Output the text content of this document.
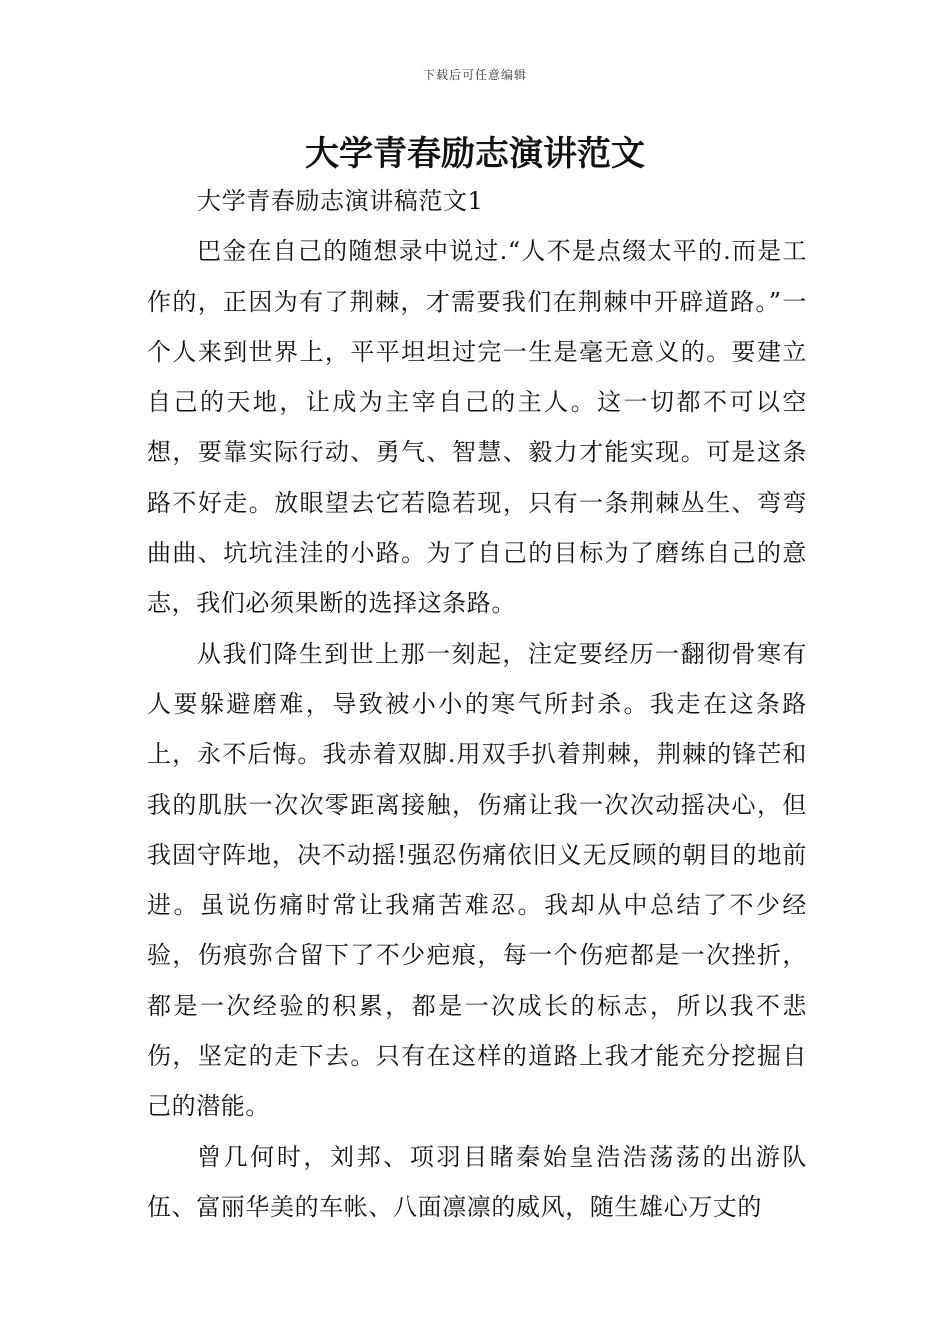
下载后可任意编辑
大学青春励志演讲范文

大学青春励志演讲稿范文1

巴金在自己的随想录中说过.“人不是点缀太平的.而是工作的，正因为有了荆棘，才需要我们在荆棘中开辟道路。”一个人来到世界上，平平坦坦过完一生是毫无意义的。要建立自己的天地，让成为主宰自己的主人。这一切都不可以空想，要靠实际行动、勇气、智慧、毅力才能实现。可是这条路不好走。放眼望去它若隐若现，只有一条荆棘丛生、弯弯曲曲、坑坑洼洼的小路。为了自己的目标为了磨练自己的意志，我们必须果断的选择这条路。

从我们降生到世上那一刻起，注定要经历一翻彻骨寒有人要躲避磨难，导致被小小的寒气所封杀。我走在这条路上，永不后悔。我赤着双脚.用双手扒着荆棘，荆棘的锋芒和我的肌肤一次次零距离接触，伤痛让我一次次动摇决心，但我固守阵地，决不动摇!强忍伤痛依旧义无反顾的朝目的地前进。虽说伤痛时常让我痛苦难忍。我却从中总结了不少经验，伤痕弥合留下了不少疤痕，每一个伤疤都是一次挫折，都是一次经验的积累，都是一次成长的标志，所以我不悲伤，坚定的走下去。只有在这样的道路上我才能充分挖掘自己的潜能。

曾几何时，刘邦、项羽目睹秦始皇浩浩荡荡的出游队伍、富丽华美的车帐、八面凛凛的威风，随生雄心万丈的
